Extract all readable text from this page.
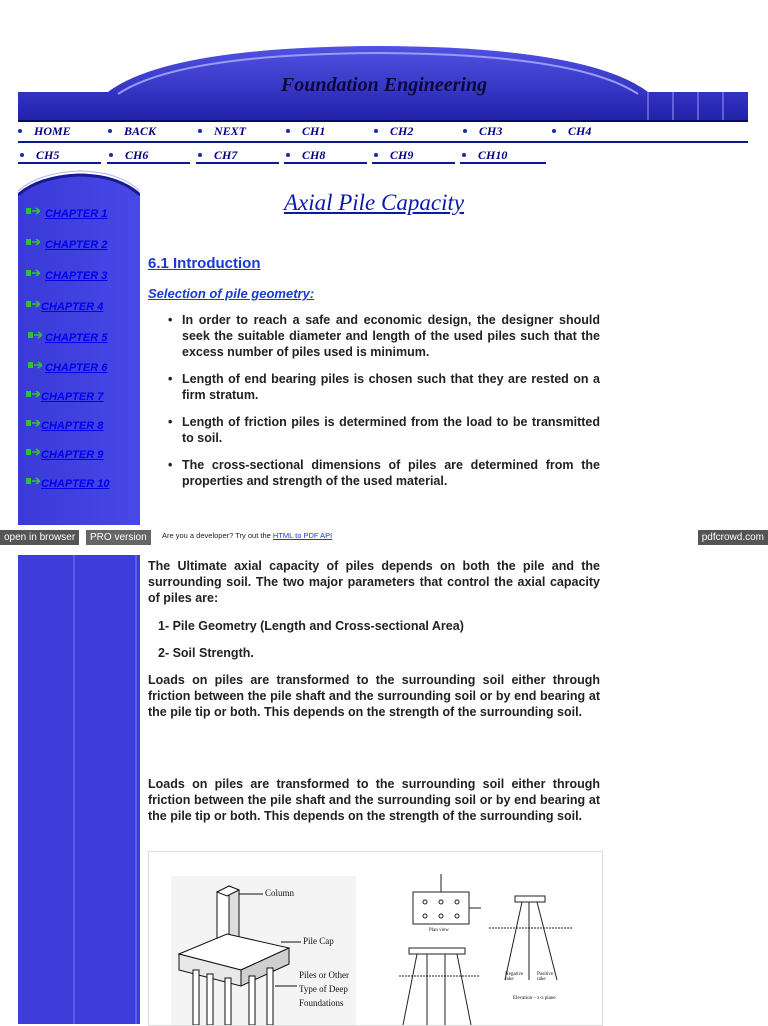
Foundation Engineering
HOME	BACK	NEXT	CH1	CH2	CH3	CH4
CH5	CH6	CH7	CH8	CH9	CH10
CHAPTER 1
CHAPTER 2
CHAPTER 3
CHAPTER 4
CHAPTER 5
CHAPTER 6
CHAPTER 7
CHAPTER 8
CHAPTER 9
CHAPTER 10
Axial Pile Capacity
6.1 Introduction
Selection of pile geometry:
• In order to reach a safe and economic design, the designer should seek the suitable diameter and length of the used piles such that the excess number of piles used is minimum.
• Length of end bearing piles is chosen such that they are rested on a firm stratum.
• Length of friction piles is determined from the load to be transmitted to soil.
• The cross-sectional dimensions of piles are determined from the properties and strength of the used material.
open in browser	PRO version	Are you a developer? Try out the HTML to PDF API	pdfcrowd.com

The Ultimate axial capacity of piles depends on both the pile and the surrounding soil. The two major parameters that control the axial capacity of piles are:

1- Pile Geometry (Length and Cross-sectional Area)

2- Soil Strength.

Loads on piles are transformed to the surrounding soil either through friction between the pile shaft and the surrounding soil or by end bearing at the pile tip or both. This depends on the strength of the surrounding soil.

Loads on piles are transformed to the surrounding soil either through friction between the pile shaft and the surrounding soil or by end bearing at the pile tip or both. This depends on the strength of the surrounding soil.

Column
Pile Cap
Piles or Other
Type of Deep
Foundations
Plan view
Negative rake
Positive rake
Elevation – x-z plane
